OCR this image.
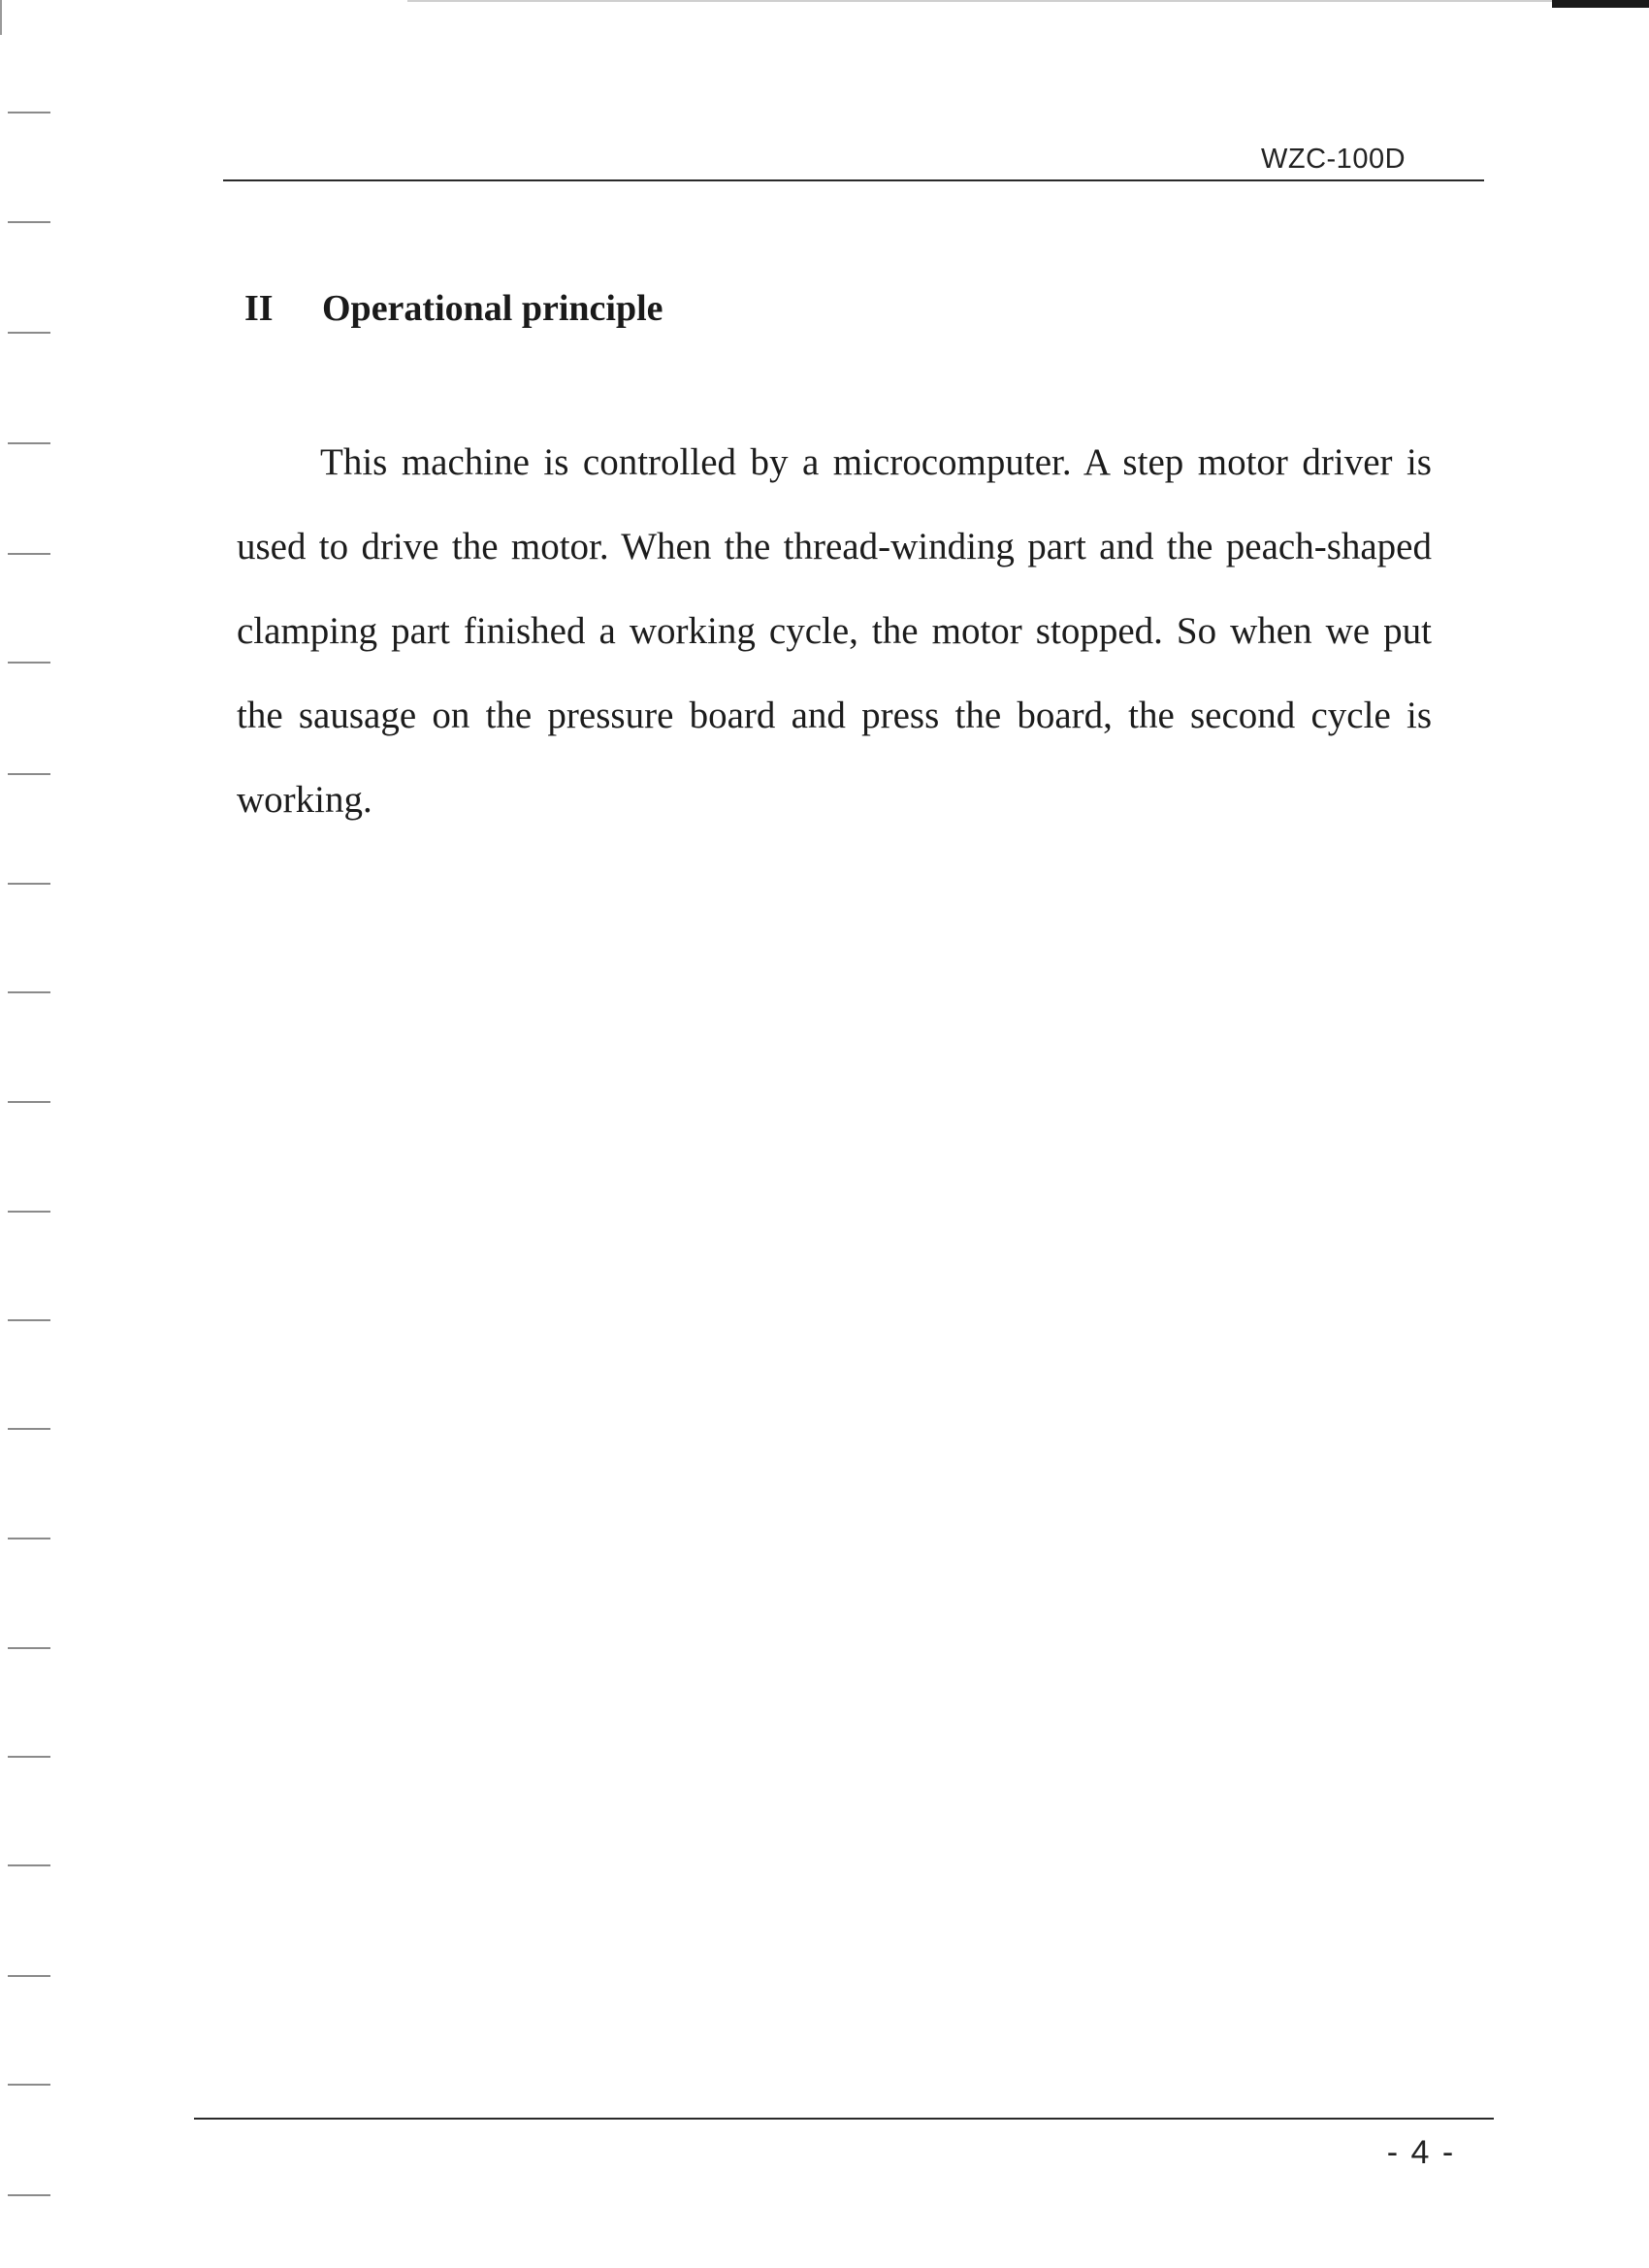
WZC-100D
II Operational principle
This machine is controlled by a microcomputer. A step motor driver is used to drive the motor. When the thread-winding part and the peach-shaped clamping part finished a working cycle, the motor stopped. So when we put the sausage on the pressure board and press the board, the second cycle is working.
- 4 -
